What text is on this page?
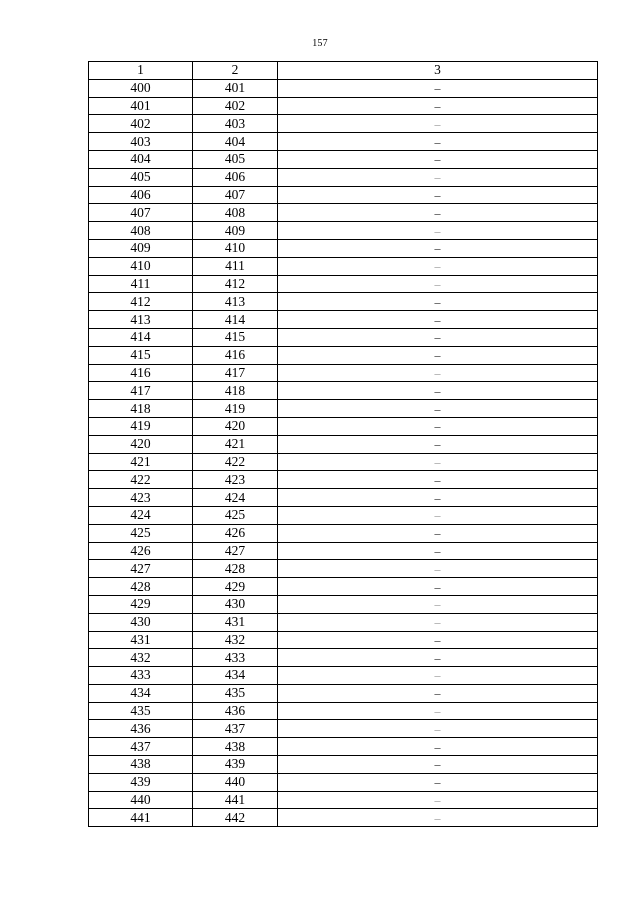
157
1	2	3
400	401	–
401	402	–
402	403	–
403	404	–
404	405	–
405	406	–
406	407	–
407	408	–
408	409	–
409	410	–
410	411	–
411	412	–
412	413	–
413	414	–
414	415	–
415	416	–
416	417	–
417	418	–
418	419	–
419	420	–
420	421	–
421	422	–
422	423	–
423	424	–
424	425	–
425	426	–
426	427	–
427	428	–
428	429	–
429	430	–
430	431	–
431	432	–
432	433	–
433	434	–
434	435	–
435	436	–
436	437	–
437	438	–
438	439	–
439	440	–
440	441	–
441	442	–
